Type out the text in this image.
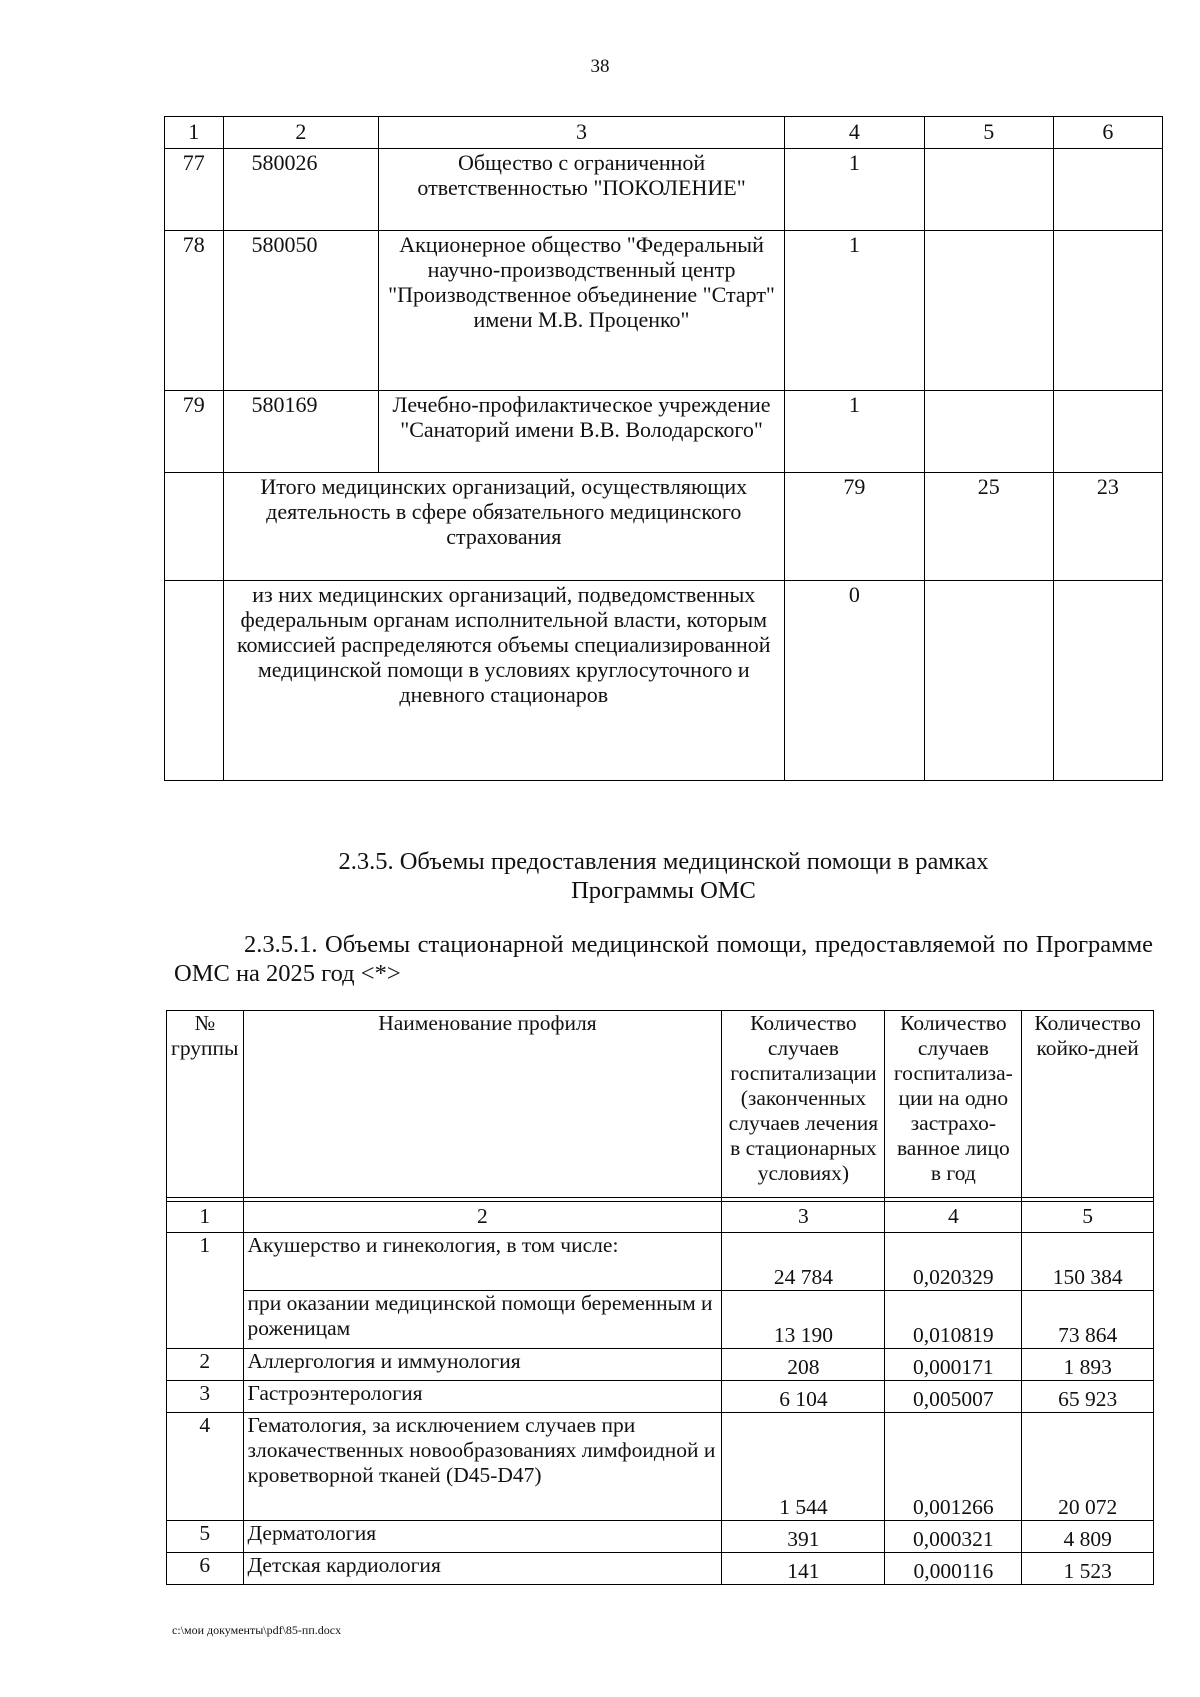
38
1	2	3	4	5	6
77	580026	Общество с ограниченной ответственностью "ПОКОЛЕНИЕ"	1		
78	580050	Акционерное общество "Федеральный научно-производственный центр "Производственное объединение "Старт" имени М.В. Проценко"	1		
79	580169	Лечебно-профилактическое учреждение "Санаторий имени В.В. Володарского"	1		
	Итого медицинских организаций, осуществляющих деятельность в сфере обязательного медицинского страхования		79	25	23
	из них медицинских организаций, подведомственных федеральным органам исполнительной власти, которым комиссией распределяются объемы специализированной медицинской помощи в условиях круглосуточного и дневного стационаров		0		
2.3.5. Объемы предоставления медицинской помощи в рамках
Программы ОМС
2.3.5.1. Объемы стационарной медицинской помощи, предоставляемой по Программе ОМС на 2025 год <*>
№ группы	Наименование профиля	Количество случаев госпитализации (законченных случаев лечения в стационарных условиях)	Количество случаев госпитализа-ции на одно застрахо-ванное лицо в год	Количество койко-дней

1	2	3	4	5
1	Акушерство и гинекология, в том числе:	24 784	0,020329	150 384
	при оказании медицинской помощи беременным и роженицам	13 190	0,010819	73 864
2	Аллергология и иммунология	208	0,000171	1 893
3	Гастроэнтерология	6 104	0,005007	65 923
4	Гематология, за исключением случаев при злокачественных новообразованиях лимфоидной и кроветворной тканей (D45-D47)	1 544	0,001266	20 072
5	Дерматология	391	0,000321	4 809
6	Детская кардиология	141	0,000116	1 523
c:\мои документы\pdf\85-пп.docx
